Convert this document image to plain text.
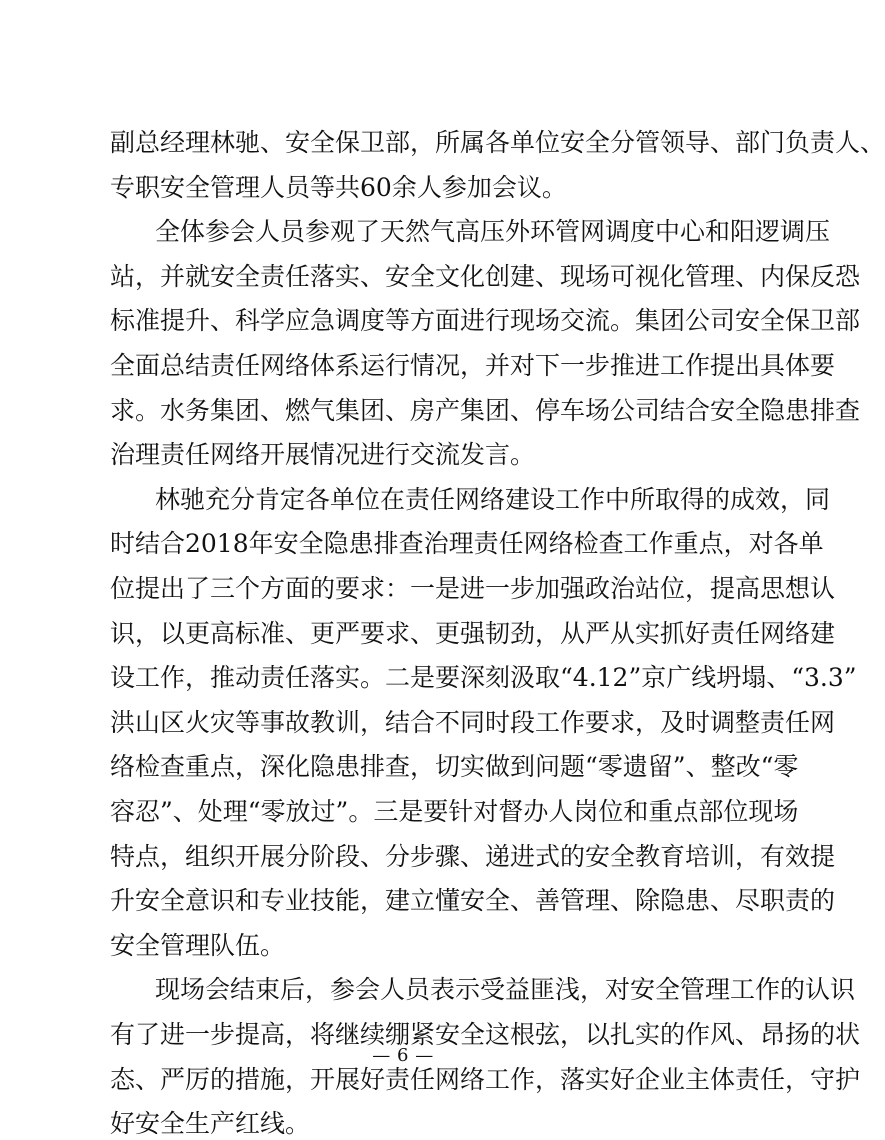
副总经理林驰、安全保卫部，所属各单位安全分管领导、部门负责人、
专职安全管理人员等共60余人参加会议。
全体参会人员参观了天然气高压外环管网调度中心和阳逻调压
站，并就安全责任落实、安全文化创建、现场可视化管理、内保反恐
标准提升、科学应急调度等方面进行现场交流。集团公司安全保卫部
全面总结责任网络体系运行情况，并对下一步推进工作提出具体要
求。水务集团、燃气集团、房产集团、停车场公司结合安全隐患排查
治理责任网络开展情况进行交流发言。
林驰充分肯定各单位在责任网络建设工作中所取得的成效，同
时结合2018年安全隐患排查治理责任网络检查工作重点，对各单
位提出了三个方面的要求：一是进一步加强政治站位，提高思想认
识，以更高标准、更严要求、更强韧劲，从严从实抓好责任网络建
设工作，推动责任落实。二是要深刻汲取“4.12”京广线坍塌、“3.3”
洪山区火灾等事故教训，结合不同时段工作要求，及时调整责任网
络检查重点，深化隐患排查，切实做到问题“零遗留”、整改“零
容忍”、处理“零放过”。三是要针对督办人岗位和重点部位现场
特点，组织开展分阶段、分步骤、递进式的安全教育培训，有效提
升安全意识和专业技能，建立懂安全、善管理、除隐患、尽职责的
安全管理队伍。
现场会结束后，参会人员表示受益匪浅，对安全管理工作的认识
有了进一步提高，将继续绷紧安全这根弦，以扎实的作风、昂扬的状
态、严厉的措施，开展好责任网络工作，落实好企业主体责任，守护
好安全生产红线。
— 6 —
